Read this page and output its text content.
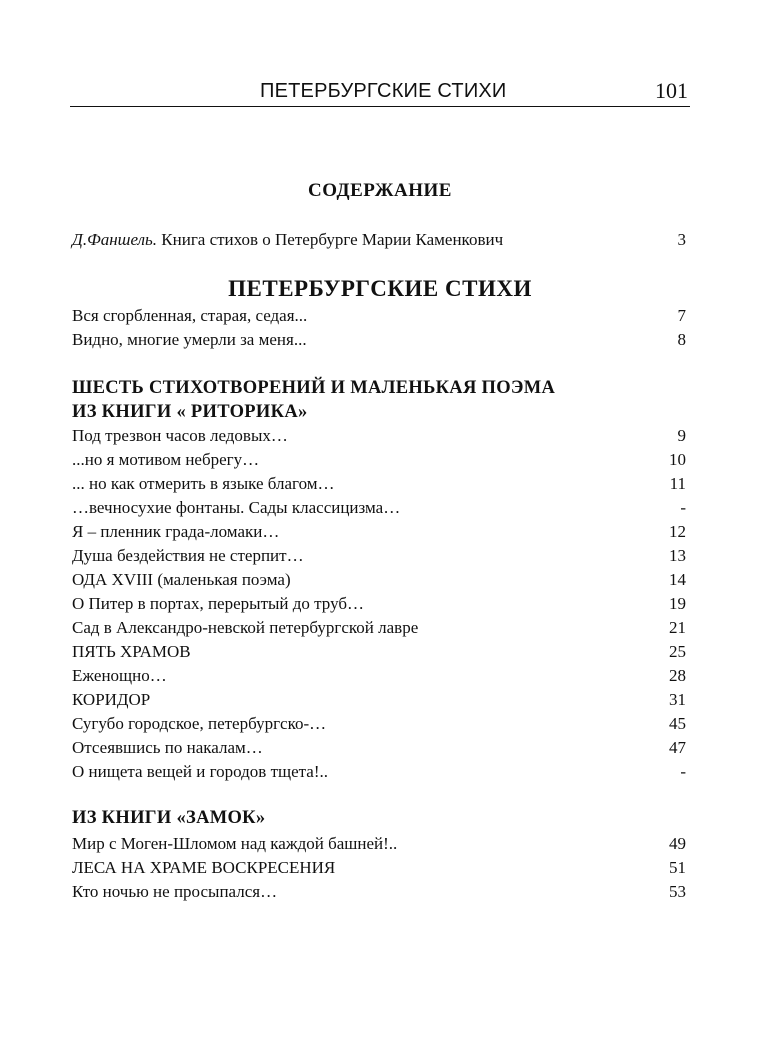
ПЕТЕРБУРГСКИЕ СТИХИ	101
СОДЕРЖАНИЕ
Д.Фаншель. Книга стихов о Петербурге Марии Каменкович	3
ПЕТЕРБУРГСКИЕ СТИХИ
Вся сгорбленная, старая, седая...	7
Видно, многие умерли за меня...	8
ШЕСТЬ СТИХОТВОРЕНИЙ И МАЛЕНЬКАЯ ПОЭМА
ИЗ КНИГИ « РИТОРИКА»
Под трезвон часов ледовых…	9
...но я мотивом небрегу…	10
... но как отмерить в языке благом…	11
…вечносухие фонтаны. Сады классицизма…	-
Я – пленник града-ломаки…	12
Душа бездействия не стерпит…	13
ОДА XVIII (маленькая поэма)	14
О Питер в портах, перерытый до труб…	19
Сад в Александро-невской петербургской лавре	21
ПЯТЬ ХРАМОВ	25
Еженощно…	28
КОРИДОР	31
Сугубо городское, петербургско-…	45
Отсеявшись по накалам…	47
О нищета вещей и городов тщета!..	-
ИЗ КНИГИ «ЗАМОК»
Мир с Моген-Шломом над каждой башней!..	49
ЛЕСА НА ХРАМЕ ВОСКРЕСЕНИЯ	51
Кто ночью не просыпался…	53
